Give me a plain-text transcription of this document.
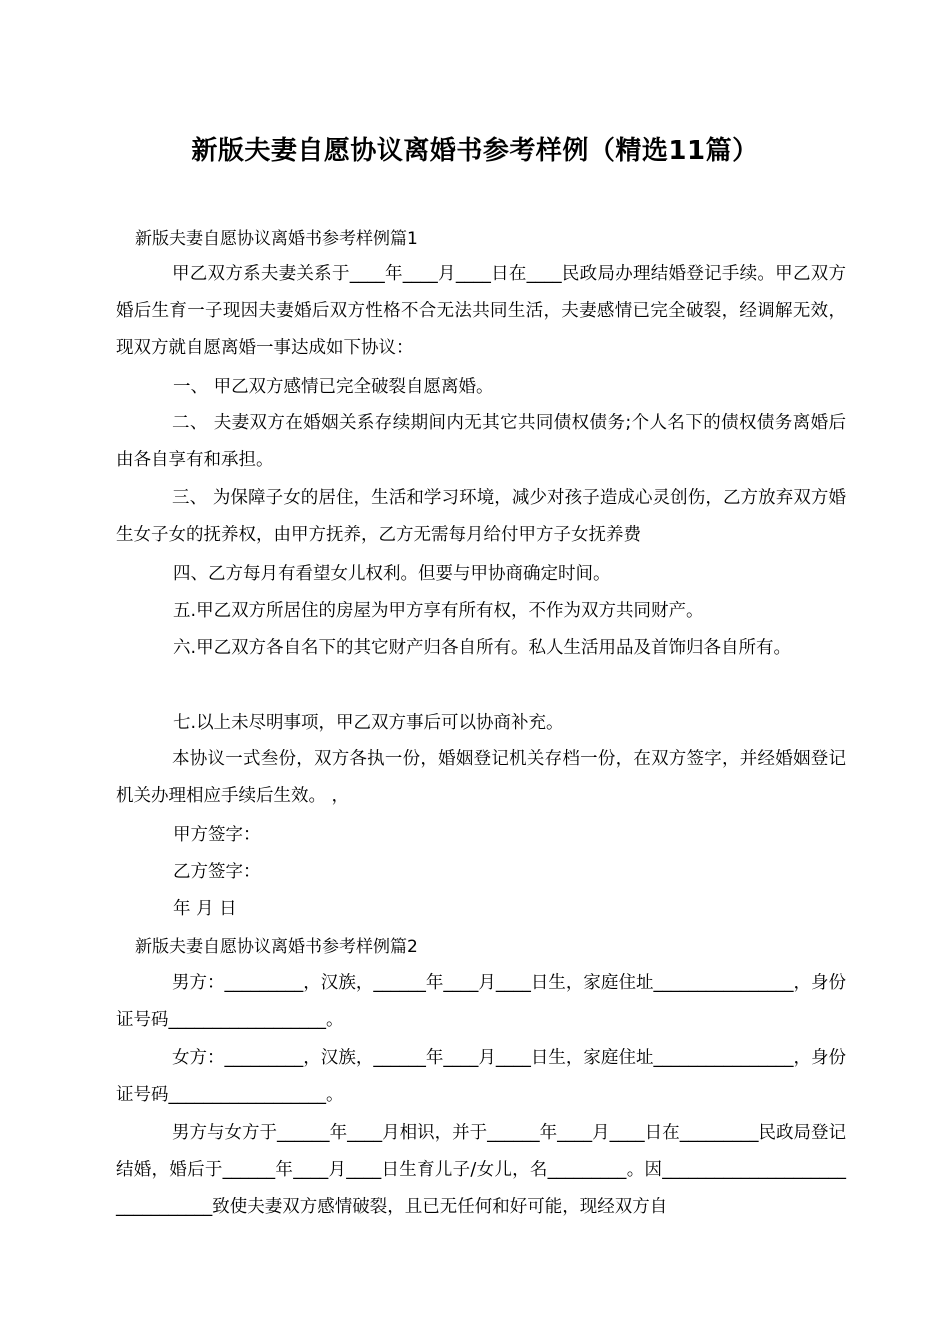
新版夫妻自愿协议离婚书参考样例（精选11篇）
新版夫妻自愿协议离婚书参考样例篇1
甲乙双方系夫妻关系于____年____月____日在____民政局办理结婚登记手续。甲乙双方婚后生育一子现因夫妻婚后双方性格不合无法共同生活，夫妻感情已完全破裂，经调解无效，现双方就自愿离婚一事达成如下协议：
一、 甲乙双方感情已完全破裂自愿离婚。
二、 夫妻双方在婚姻关系存续期间内无其它共同债权债务;个人名下的债权债务离婚后由各自享有和承担。
三、 为保障子女的居住，生活和学习环境，减少对孩子造成心灵创伤，乙方放弃双方婚生女子女的抚养权，由甲方抚养，乙方无需每月给付甲方子女抚养费
四、乙方每月有看望女儿权利。但要与甲协商确定时间。
五.甲乙双方所居住的房屋为甲方享有所有权，不作为双方共同财产。
六.甲乙双方各自名下的其它财产归各自所有。私人生活用品及首饰归各自所有。
七.以上未尽明事项，甲乙双方事后可以协商补充。
本协议一式叁份，双方各执一份，婚姻登记机关存档一份，在双方签字，并经婚姻登记机关办理相应手续后生效。 ，
甲方签字：
乙方签字：
年 月 日
新版夫妻自愿协议离婚书参考样例篇2
男方：_________，汉族，______年____月____日生，家庭住址________________，身份证号码__________________。
女方：_________，汉族，______年____月____日生，家庭住址________________，身份证号码__________________。
男方与女方于______年____月相识，并于______年____月____日在_________民政局登记结婚，婚后于______年____月____日生育儿子/女儿，名_________。因________________________________致使夫妻双方感情破裂，且已无任何和好可能，现经双方自
